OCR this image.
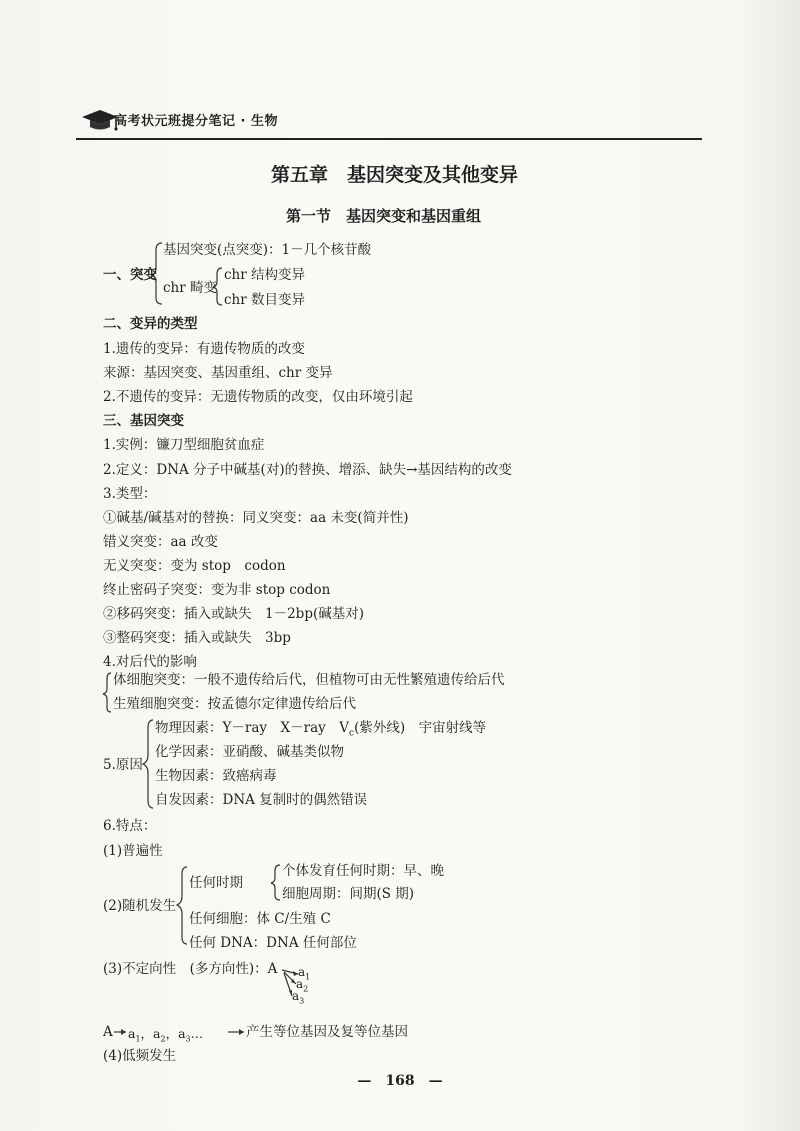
高考状元班提分笔记 · 生物
第五章　基因突变及其他变异
第一节　基因突变和基因重组
一、突变
基因突变(点突变)：1－几个核苷酸
chr 畸变
chr 结构变异
chr 数目变异
二、变异的类型
1.遗传的变异：有遗传物质的改变
来源：基因突变、基因重组、chr 变异
2.不遗传的变异：无遗传物质的改变，仅由环境引起
三、基因突变
1.实例：镰刀型细胞贫血症
2.定义：DNA 分子中碱基(对)的替换、增添、缺失→基因结构的改变
3.类型：
①碱基/碱基对的替换：同义突变：aa 未变(简并性)
错义突变：aa 改变
无义突变：变为 stop　codon
终止密码子突变：变为非 stop codon
②移码突变：插入或缺失　1－2bp(碱基对)
③整码突变：插入或缺失　3bp
4.对后代的影响
体细胞突变：一般不遗传给后代，但植物可由无性繁殖遗传给后代
生殖细胞突变：按孟德尔定律遗传给后代
5.原因
物理因素：Y－ray　X－ray　$V_c$(紫外线)　宇宙射线等
化学因素：亚硝酸、碱基类似物
生物因素：致癌病毒
自发因素：DNA 复制时的偶然错误
6.特点：
(1)普遍性
(2)随机发生
任何时期
个体发育任何时期：早、晚
细胞周期：间期(S 期)
任何细胞：体 C/生殖 C
任何 DNA：DNA 任何部位
(3)不定向性　(多方向性)：A $a_1$
$a_2$
$a_3$
A $a_1$，$a_2$，$a_3\dots$	产生等位基因及复等位基因
(4)低频发生
—　168　—
